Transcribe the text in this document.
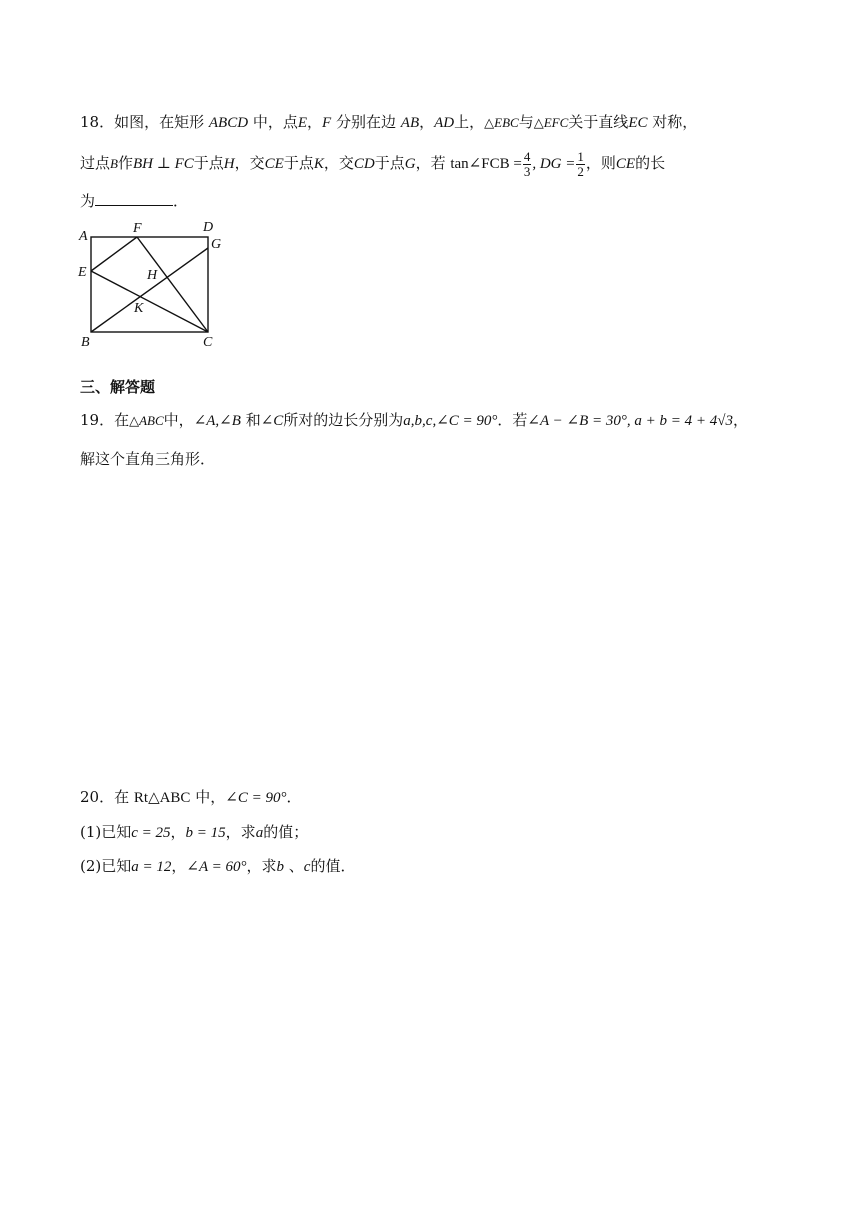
18．如图，在矩形 ABCD 中，点E，F 分别在边 AB，AD上，△EBC与△EFC关于直线EC 对称，
过点B作BH ⊥ FC于点H，交CE于点K，交CD于点G，若 tan∠FCB = $\frac{4}{3}$ , DG = $\frac{1}{2}$ ，则CE的长
为	．
A
F	D
G
E	H
K
B	C
三、解答题
19．在△ABC中，∠A,∠B 和∠C所对的边长分别为a,b,c,∠C = 90°．若∠A − ∠B = 30°, a + b = 4 + 4√3，
解这个直角三角形．
20．在 Rt△ABC 中，∠C = 90°．
(1)已知c = 25，b = 15，求a的值；
(2)已知a = 12，∠A = 60°，求b 、c的值．
